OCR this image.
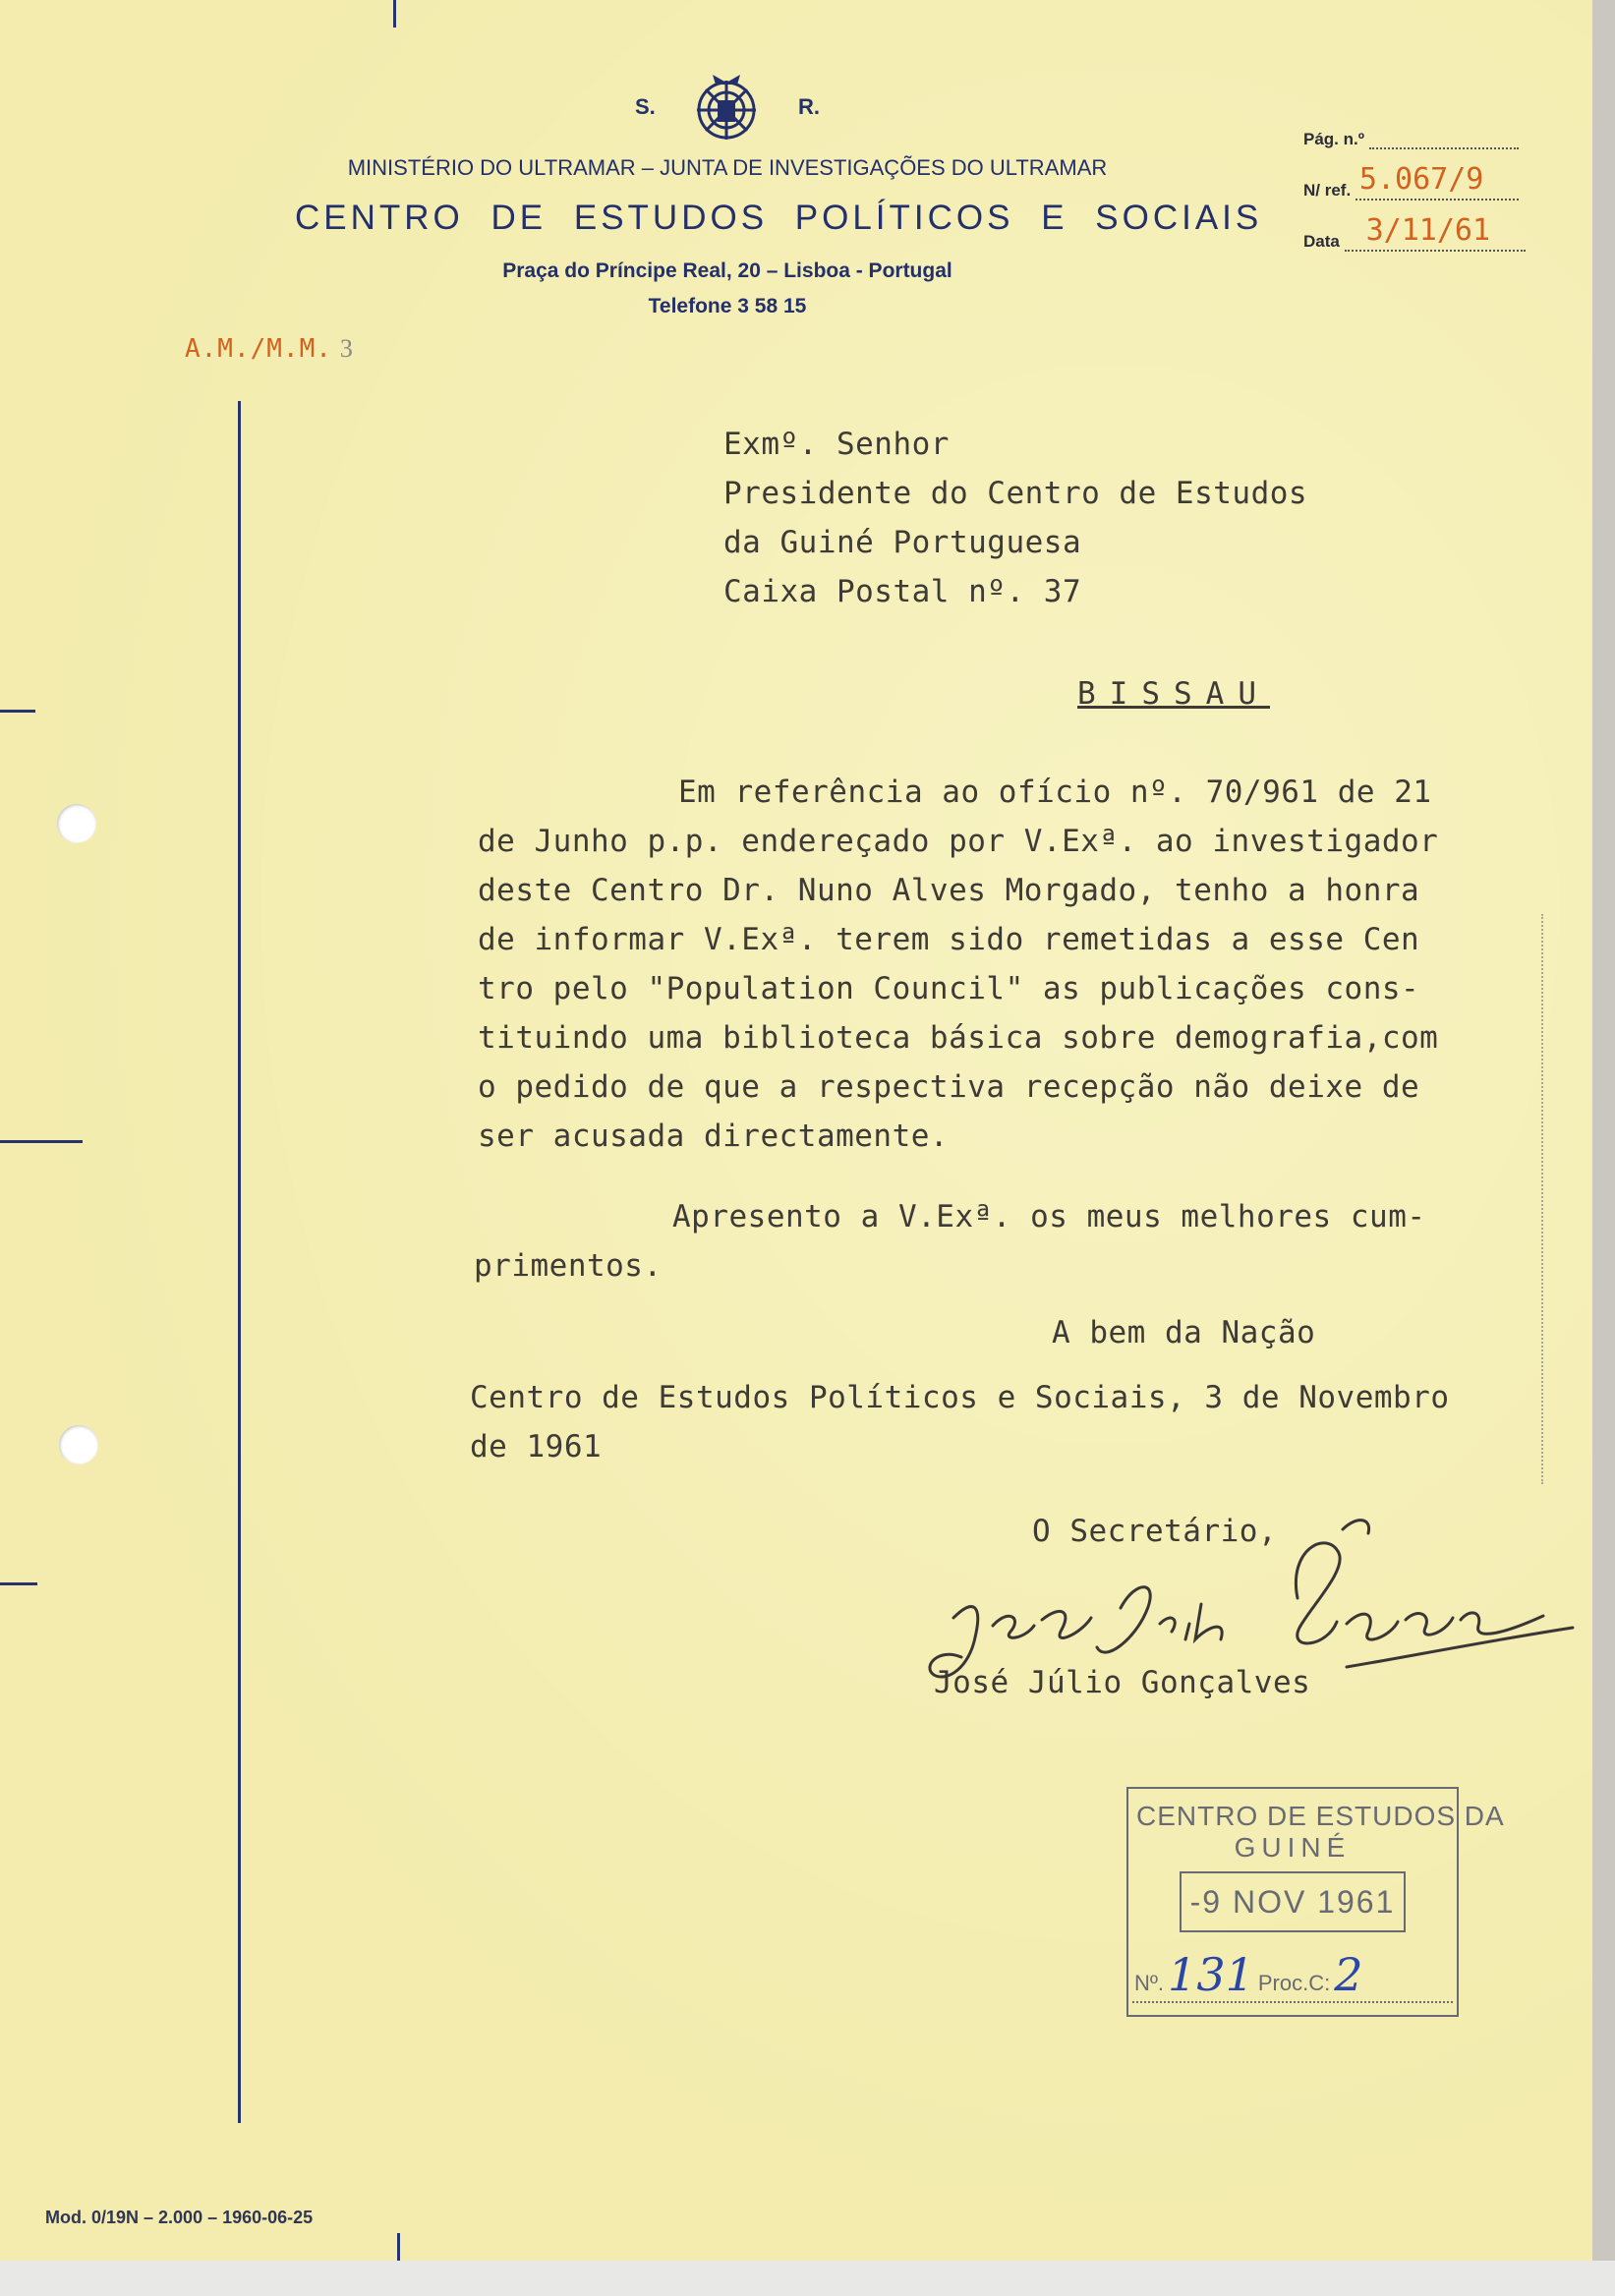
S.	R.
MINISTÉRIO DO ULTRAMAR – JUNTA DE INVESTIGAÇÕES DO ULTRAMAR
CENTRO DE ESTUDOS POLÍTICOS E SOCIAIS
Praça do Príncipe Real, 20 – Lisboa - Portugal
Telefone 3 58 15
Pág. n.º
N/ ref. 5.067/9
Data 3/11/61
A.M./M.M. 3
Exmº. Senhor
Presidente do Centro de Estudos
da Guiné Portuguesa
Caixa Postal nº. 37
BISSAU
Em referência ao ofício nº. 70/961 de 21
de Junho p.p. endereçado por V.Exª. ao investigador
deste Centro Dr. Nuno Alves Morgado, tenho a honra
de informar V.Exª. terem sido remetidas a esse Cen
tro pelo "Population Council" as publicações cons-
tituindo uma biblioteca básica sobre demografia,com
o pedido de que a respectiva recepção não deixe de
ser acusada directamente.
Apresento a V.Exª. os meus melhores cum-
primentos.
A bem da Nação
Centro de Estudos Políticos e Sociais, 3 de Novembro
de 1961
O Secretário,
José Júlio Gonçalves
José Júlio Gonçalves
CENTRO DE ESTUDOS DA
GUINÉ
-9 NOV 1961
Nº.131 Proc.C:2
Mod. 0/19N – 2.000 – 1960-06-25
